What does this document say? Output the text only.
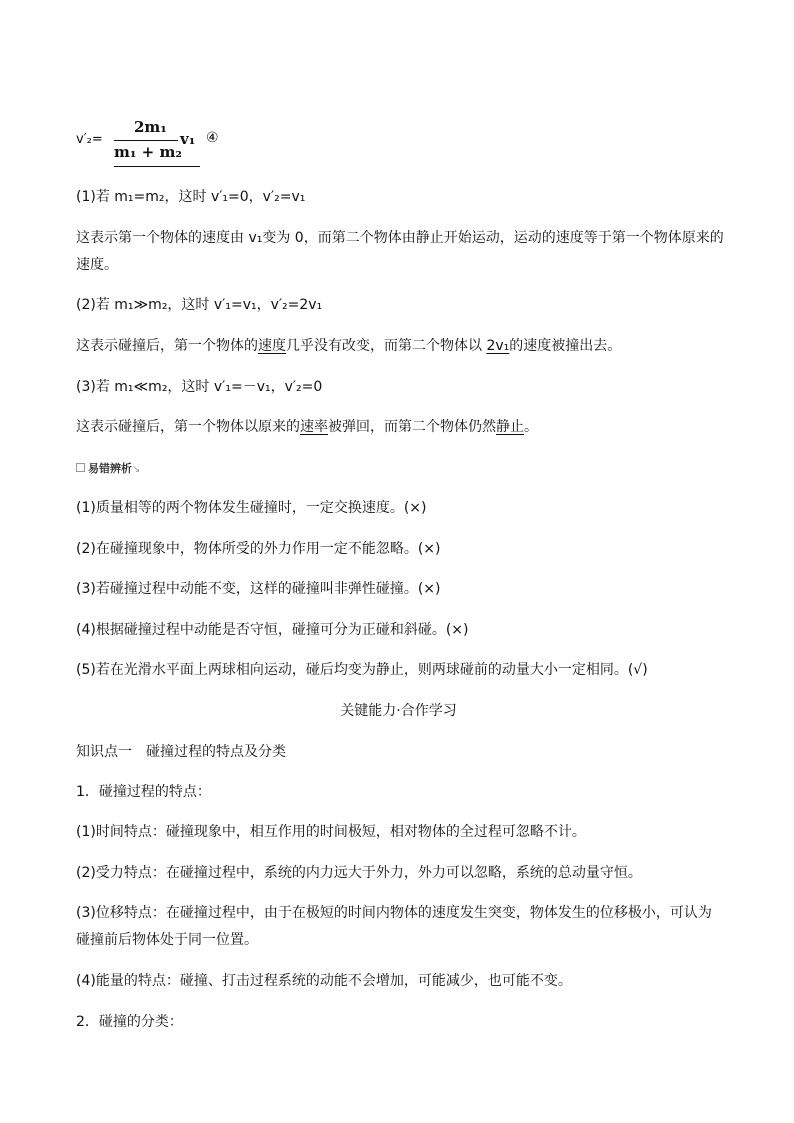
v′₂=
2m₁
m₁ + m₂
v₁ ④
(1)若 m₁=m₂，这时 v′₁=0，v′₂=v₁
这表示第一个物体的速度由 v₁变为 0，而第二个物体由静止开始运动，运动的速度等于第一个物体原来的
速度。
(2)若 m₁≫m₂，这时 v′₁=v₁，v′₂=2v₁
这表示碰撞后，第一个物体的速度几乎没有改变，而第二个物体以 2v₁的速度被撞出去。
(3)若 m₁≪m₂，这时 v′₁=－v₁，v′₂=0
这表示碰撞后，第一个物体以原来的速率被弹回，而第二个物体仍然静止。
易错辨析↘
(1)质量相等的两个物体发生碰撞时，一定交换速度。(×)
(2)在碰撞现象中，物体所受的外力作用一定不能忽略。(×)
(3)若碰撞过程中动能不变，这样的碰撞叫非弹性碰撞。(×)
(4)根据碰撞过程中动能是否守恒，碰撞可分为正碰和斜碰。(×)
(5)若在光滑水平面上两球相向运动，碰后均变为静止，则两球碰前的动量大小一定相同。(√)
关键能力·合作学习
知识点一　碰撞过程的特点及分类
1．碰撞过程的特点：
(1)时间特点：碰撞现象中，相互作用的时间极短，相对物体的全过程可忽略不计。
(2)受力特点：在碰撞过程中，系统的内力远大于外力，外力可以忽略，系统的总动量守恒。
(3)位移特点：在碰撞过程中，由于在极短的时间内物体的速度发生突变，物体发生的位移极小，可认为
碰撞前后物体处于同一位置。
(4)能量的特点：碰撞、打击过程系统的动能不会增加，可能减少，也可能不变。
2．碰撞的分类：
